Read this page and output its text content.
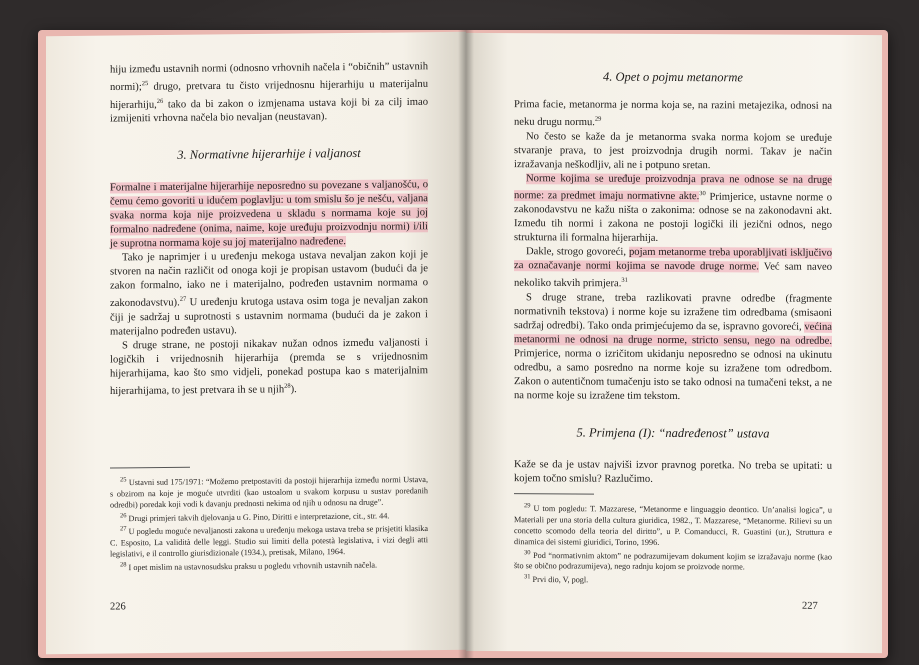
hiju između ustavnih normi (odnosno vrhovnih načela i “običnih” ustavnih normi);$^{25}$ drugo, pretvara tu čisto vrijednosnu hijerarhiju u materijalnu hijerarhiju,$^{26}$ tako da bi zakon o izmjenama ustava koji bi za cilj imao izmijeniti vrhovna načela bio nevaljan (neustavan).

3. Normativne hijerarhije i valjanost

Formalne i materijalne hijerarhije neposredno su povezane s valjanošću, o čemu ćemo govoriti u idućem poglavlju: u tom smislu šo je nešću, valjana svaka norma koja nije proizvedena u skladu s normama koje su joj formalno nadređene (onima, naime, koje uređuju proizvodnju normi) i/ili je suprotna normama koje su joj materijalno nadređene.

Tako je naprimjer i u uređenju mekoga ustava nevaljan zakon koji je stvoren na način različit od onoga koji je propisan ustavom (budući da je zakon formalno, iako ne i materijalno, podređen ustavnim normama o zakonodavstvu).$^{27}$ U uređenju krutoga ustava osim toga je nevaljan zakon čiji je sadržaj u suprotnosti s ustavnim normama (budući da je zakon i materijalno podređen ustavu).

S druge strane, ne postoji nikakav nužan odnos između valjanosti i logičkih i vrijednosnih hijerarhija (premda se s vrijednosnim hijerarhijama, kao što smo vidjeli, ponekad postupa kao s materijalnim hijerarhijama, to jest pretvara ih se u njih$^{28}$).

$^{25}$ Ustavni sud 175/1971: “Možemo pretpostaviti da postoji hijerarhija između normi Ustava, s obzirom na koje je moguće utvrditi (kao ustoalom u svakom korpusu u sustav poredanih odredbi) poredak koji vodi k davanju prednosti nekima od njih u odnosu na druge”.

$^{26}$ Drugi primjeri takvih djelovanja u G. Pino, Diritti e interpretazione, cit., str. 44.

$^{27}$ U pogledu moguće nevaljanosti zakona u uređenju mekoga ustava treba se prisjetiti klasika C. Esposito, La validità delle leggi. Studio sui limiti della potestà legislativa, i vizi degli atti legislativi, e il controllo giurisdizionale (1934.), pretisak, Milano, 1964.

$^{28}$ I opet mislim na ustavnosudsku praksu u pogledu vrhovnih ustavnih načela.

226
4. Opet o pojmu metanorme

Prima facie, metanorma je norma koja se, na razini metajezika, odnosi na neku drugu normu.$^{29}$

No često se kaže da je metanorma svaka norma kojom se uređuje stvaranje prava, to jest proizvodnja drugih normi. Takav je način izražavanja neškodljiv, ali ne i potpuno sretan.

Norme kojima se uređuje proizvodnja prava ne odnose se na druge norme: za predmet imaju normativne akte.$^{30}$ Primjerice, ustavne norme o zakonodavstvu ne kažu ništa o zakonima: odnose se na zakonodavni akt. Između tih normi i zakona ne postoji logički ili jezični odnos, nego strukturna ili formalna hijerarhija.

Dakle, strogo govoreći, pojam metanorme treba uporabljivati isključivo za označavanje normi kojima se navode druge norme. Već sam naveo nekoliko takvih primjera.$^{31}$

S druge strane, treba razlikovati pravne odredbe (fragmente normativnih tekstova) i norme koje su izražene tim odredbama (smisaoni sadržaj odredbi). Tako onda primjećujemo da se, ispravno govoreći, većina metanormi ne odnosi na druge norme, stricto sensu, nego na odredbe. Primjerice, norma o izričitom ukidanju neposredno se odnosi na ukinutu odredbu, a samo posredno na norme koje su izražene tom odredbom. Zakon o autentičnom tumačenju isto se tako odnosi na tumačeni tekst, a ne na norme koje su izražene tim tekstom.

5. Primjena (I): “nadređenost” ustava

Kaže se da je ustav najviši izvor pravnog poretka. No treba se upitati: u kojem točno smislu? Razlučimo.

$^{29}$ U tom pogledu: T. Mazzarese, “Metanorme e linguaggio deontico. Un’analisi logica”, u Materiali per una storia della cultura giuridica, 1982., T. Mazzarese, “Metanorme. Rilievi su un concetto scomodo della teoria del diritto”, u P. Comanducci, R. Guastini (ur.), Struttura e dinamica dei sistemi giuridici, Torino, 1996.

$^{30}$ Pod “normativnim aktom” ne podrazumijevam dokument kojim se izražavaju norme (kao što se obično podrazumijeva), nego radnju kojom se proizvode norme.

$^{31}$ Prvi dio, V, pogl.

227
